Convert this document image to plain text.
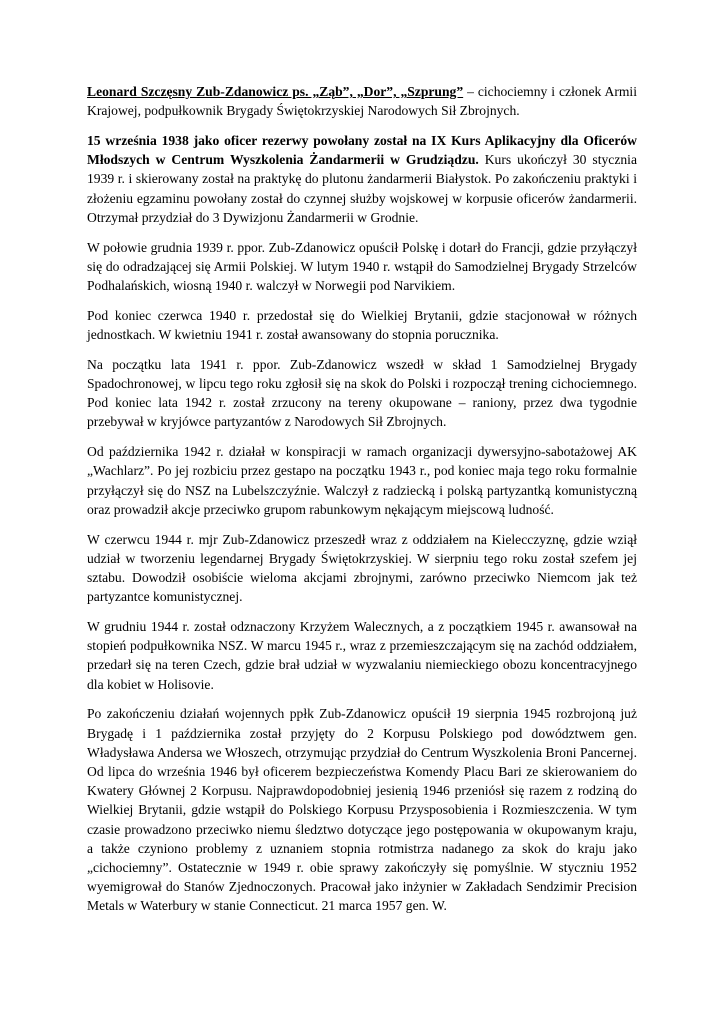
Leonard Szczęsny Zub-Zdanowicz ps. „Ząb”, „Dor”, „Szprung” – cichociemny i członek Armii Krajowej, podpułkownik Brygady Świętokrzyskiej Narodowych Sił Zbrojnych.

15 września 1938 jako oficer rezerwy powołany został na IX Kurs Aplikacyjny dla Oficerów Młodszych w Centrum Wyszkolenia Żandarmerii w Grudziądzu. Kurs ukończył 30 stycznia 1939 r. i skierowany został na praktykę do plutonu żandarmerii Białystok. Po zakończeniu praktyki i złożeniu egzaminu powołany został do czynnej służby wojskowej w korpusie oficerów żandarmerii. Otrzymał przydział do 3 Dywizjonu Żandarmerii w Grodnie.

W połowie grudnia 1939 r. ppor. Zub-Zdanowicz opuścił Polskę i dotarł do Francji, gdzie przyłączył się do odradzającej się Armii Polskiej. W lutym 1940 r. wstąpił do Samodzielnej Brygady Strzelców Podhalańskich, wiosną 1940 r. walczył w Norwegii pod Narvikiem.

Pod koniec czerwca 1940 r. przedostał się do Wielkiej Brytanii, gdzie stacjonował w różnych jednostkach. W kwietniu 1941 r. został awansowany do stopnia porucznika.

Na początku lata 1941 r. ppor. Zub-Zdanowicz wszedł w skład 1 Samodzielnej Brygady Spadochronowej, w lipcu tego roku zgłosił się na skok do Polski i rozpoczął trening cichociemnego. Pod koniec lata 1942 r. został zrzucony na tereny okupowane – raniony, przez dwa tygodnie przebywał w kryjówce partyzantów z Narodowych Sił Zbrojnych.

Od października 1942 r. działał w konspiracji w ramach organizacji dywersyjno-sabotażowej AK „Wachlarz”. Po jej rozbiciu przez gestapo na początku 1943 r., pod koniec maja tego roku formalnie przyłączył się do NSZ na Lubelszczyźnie. Walczył z radziecką i polską partyzantką komunistyczną oraz prowadził akcje przeciwko grupom rabunkowym nękającym miejscową ludność.

W czerwcu 1944 r. mjr Zub-Zdanowicz przeszedł wraz z oddziałem na Kielecczyznę, gdzie wziął udział w tworzeniu legendarnej Brygady Świętokrzyskiej. W sierpniu tego roku został szefem jej sztabu. Dowodził osobiście wieloma akcjami zbrojnymi, zarówno przeciwko Niemcom jak też partyzantce komunistycznej.

W grudniu 1944 r. został odznaczony Krzyżem Walecznych, a z początkiem 1945 r. awansował na stopień podpułkownika NSZ. W marcu 1945 r., wraz z przemieszczającym się na zachód oddziałem, przedarł się na teren Czech, gdzie brał udział w wyzwalaniu niemieckiego obozu koncentracyjnego dla kobiet w Holisovie.

Po zakończeniu działań wojennych ppłk Zub-Zdanowicz opuścił 19 sierpnia 1945 rozbrojoną już Brygadę i 1 października został przyjęty do 2 Korpusu Polskiego pod dowództwem gen. Władysława Andersa we Włoszech, otrzymując przydział do Centrum Wyszkolenia Broni Pancernej. Od lipca do września 1946 był oficerem bezpieczeństwa Komendy Placu Bari ze skierowaniem do Kwatery Głównej 2 Korpusu. Najprawdopodobniej jesienią 1946 przeniósł się razem z rodziną do Wielkiej Brytanii, gdzie wstąpił do Polskiego Korpusu Przysposobienia i Rozmieszczenia. W tym czasie prowadzono przeciwko niemu śledztwo dotyczące jego postępowania w okupowanym kraju, a także czyniono problemy z uznaniem stopnia rotmistrza nadanego za skok do kraju jako „cichociemny”. Ostatecznie w 1949 r. obie sprawy zakończyły się pomyślnie. W styczniu 1952 wyemigrował do Stanów Zjednoczonych. Pracował jako inżynier w Zakładach Sendzimir Precision Metals w Waterbury w stanie Connecticut. 21 marca 1957 gen. W.
